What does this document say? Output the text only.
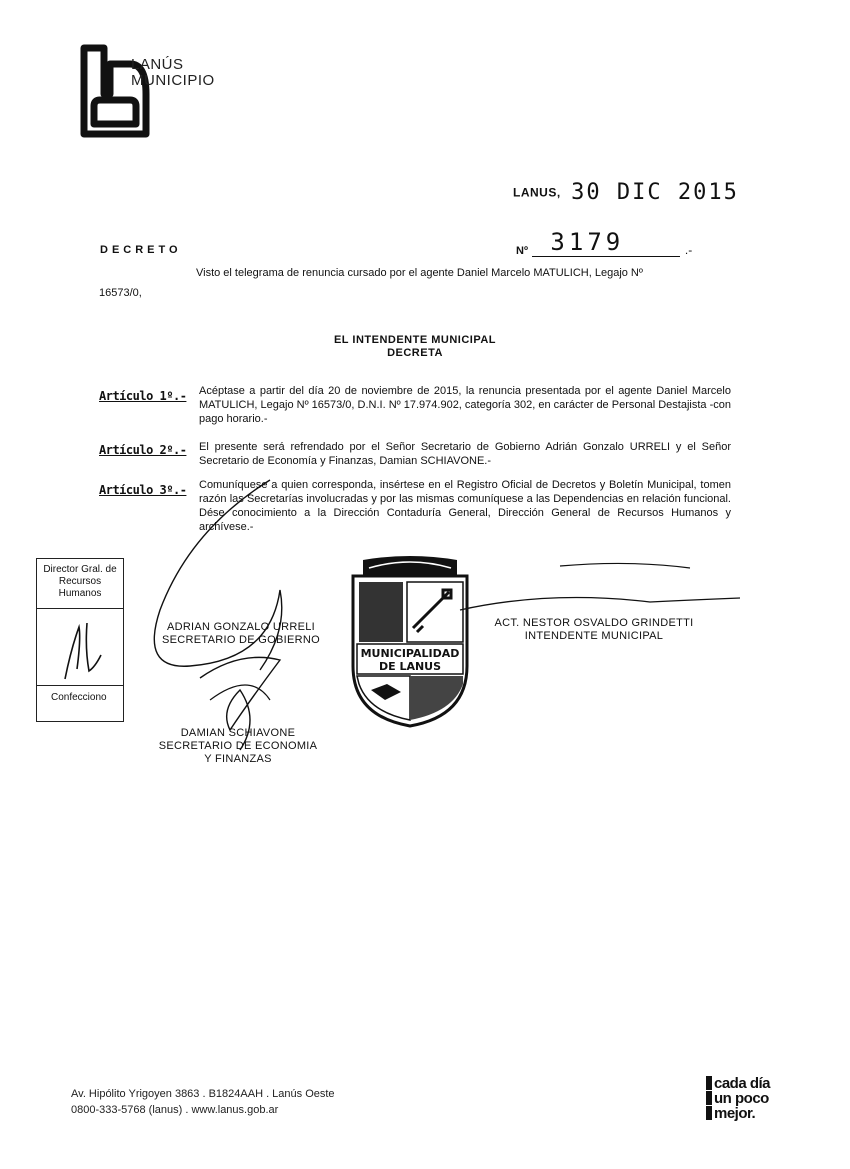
LANÚS
MUNICIPIO
LANUS, 30 DIC 2015
DECRETO	Nº 3179	.-
Visto el telegrama de renuncia cursado por el agente Daniel Marcelo MATULICH, Legajo Nº
16573/0,
EL INTENDENTE MUNICIPAL
DECRETA
Artículo 1º.- Acéptase a partir del día 20 de noviembre de 2015, la renuncia presentada por el agente Daniel Marcelo MATULICH, Legajo Nº 16573/0, D.N.I. Nº 17.974.902, categoría 302, en carácter de Personal Destajista -con pago horario.-
Artículo 2º.- El presente será refrendado por el Señor Secretario de Gobierno Adrián Gonzalo URRELI y el Señor Secretario de Economía y Finanzas, Damian SCHIAVONE.-
Artículo 3º.- Comuníquese a quien corresponda, insértese en el Registro Oficial de Decretos y Boletín Municipal, tomen razón las Secretarías involucradas y por las mismas comuníquese a las Dependencias en relación funcional. Dése conocimiento a la Dirección Contaduría General, Dirección General de Recursos Humanos y archívese.-
Director Gral. de Recursos Humanos
Confecciono
ADRIAN GONZALO URRELI
SECRETARIO DE GOBIERNO
DAMIAN SCHIAVONE
SECRETARIO DE ECONOMIA
Y FINANZAS
ACT. NESTOR OSVALDO GRINDETTI
INTENDENTE MUNICIPAL
MUNICIPALIDAD
DE LANUS
Av. Hipólito Yrigoyen 3863 . B1824AAH . Lanús Oeste
0800-333-5768 (lanus) . www.lanus.gob.ar
cada día
un poco
mejor.
